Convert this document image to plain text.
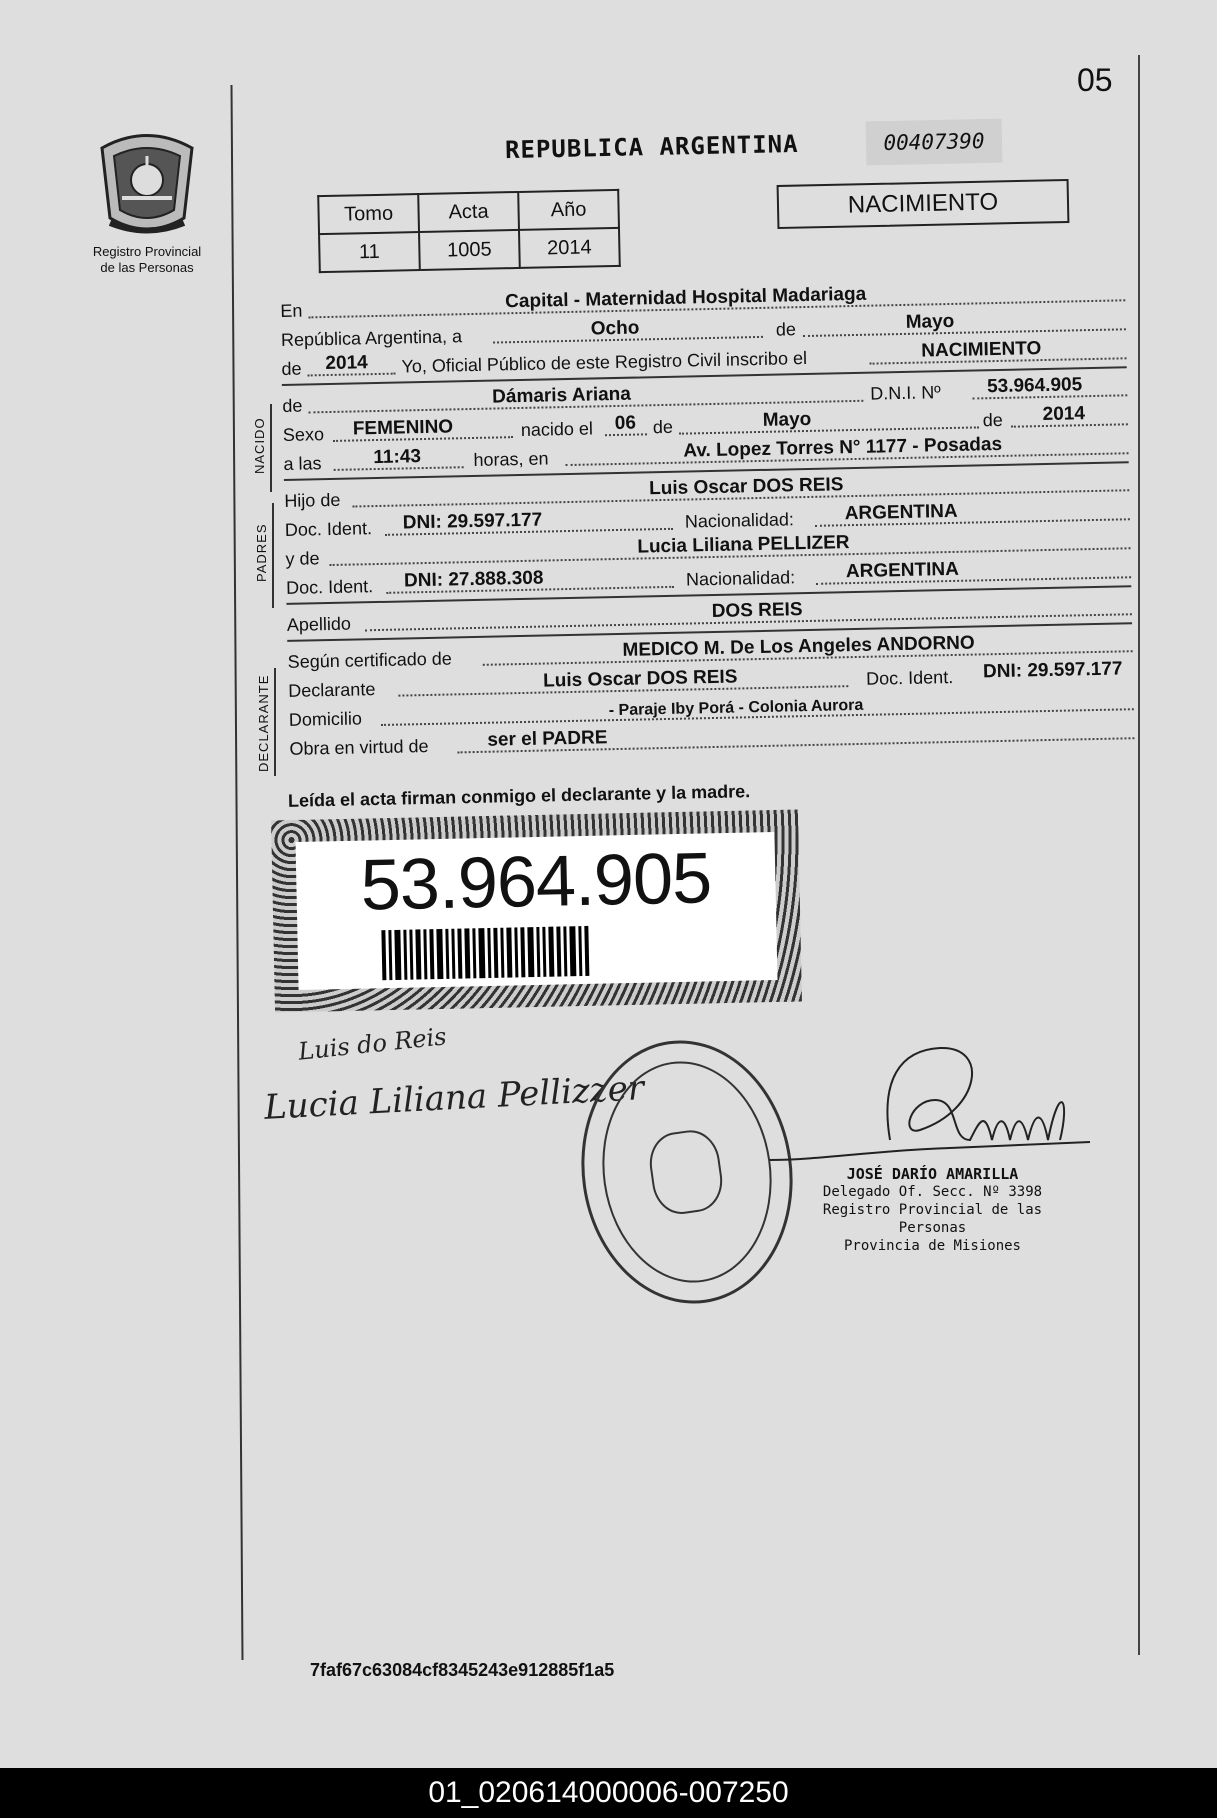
05
Registro Provincial
de las Personas
REPUBLICA ARGENTINA	00407390
Tomo	Acta	Año
11	1005	2014
NACIMIENTO
En	Capital - Maternidad Hospital Madariaga
República Argentina, a	Ocho	de	Mayo
de 2014 Yo, Oficial Público de este Registro Civil inscribo el	NACIMIENTO
de	Dámaris Ariana	D.N.I. Nº 53.964.905
Sexo FEMENINO	nacido el 06 de	Mayo	de 2014
a las	11:43	horas, en	Av. Lopez Torres N° 1177 - Posadas
Hijo de
Luis Oscar DOS REIS
Doc. Ident. DNI: 29.597.177	Nacionalidad:	ARGENTINA
y de
Lucia Liliana PELLIZER
Doc. Ident. DNI: 27.888.308	Nacionalidad:	ARGENTINA
Apellido
DOS REIS
Según certificado de	MEDICO M. De Los Angeles ANDORNO
Declarante	Luis Oscar DOS REIS	Doc. Ident. DNI: 29.597.177
Domicilio	- Paraje Iby Porá - Colonia Aurora
Obra en virtud de	ser el PADRE
NACIDO
PADRES
DECLARANTE
Leída el acta firman conmigo el declarante y la madre.
53.964.905
Luis do Reis
Lucia Liliana Pellizzer
JOSÉ DARÍO AMARILLA
Delegado Of. Secc. Nº 3398
Registro Provincial de las Personas
Provincia de Misiones
7faf67c63084cf8345243e912885f1a5
01_020614000006-007250
